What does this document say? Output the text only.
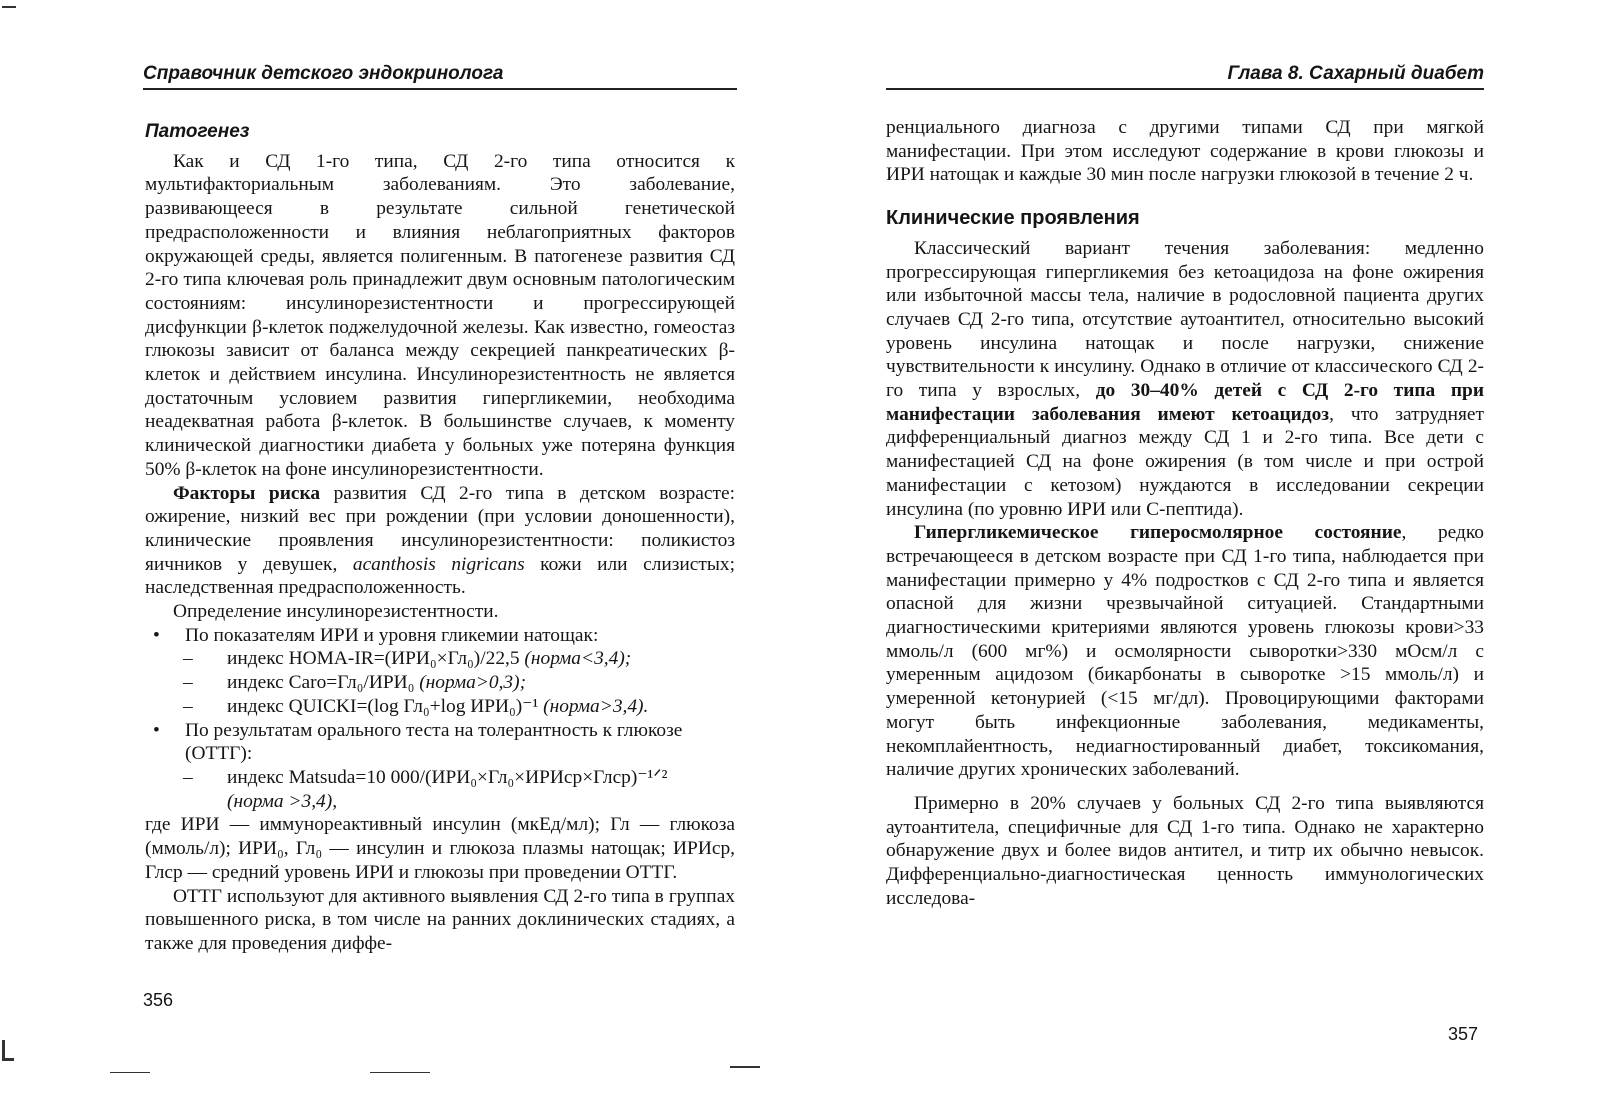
Справочник детского эндокринолога

Патогенез

Как и СД 1-го типа, СД 2-го типа относится к мультифакториальным заболеваниям. Это заболевание, развивающееся в результате сильной генетической предрасположенности и влияния неблагоприятных факторов окружающей среды, является полигенным. В патогенезе развития СД 2-го типа ключевая роль принадлежит двум основным патологическим состояниям: инсулинорезистентности и прогрессирующей дисфункции β-клеток поджелудочной железы. Как известно, гомеостаз глюкозы зависит от баланса между секрецией панкреатических β-клеток и действием инсулина. Инсулинорезистентность не является достаточным условием развития гипергликемии, необходима неадекватная работа β-клеток. В большинстве случаев, к моменту клинической диагностики диабета у больных уже потеряна функция 50% β-клеток на фоне инсулинорезистентности.

Факторы риска развития СД 2-го типа в детском возрасте: ожирение, низкий вес при рождении (при условии доношенности), клинические проявления инсулинорезистентности: поликистоз яичников у девушек, acanthosis nigricans кожи или слизистых; наследственная предрасположенность.

Определение инсулинорезистентности.

• По показателям ИРИ и уровня гликемии натощак:

– индекс HOMA-IR=(ИРИ₀×Гл₀)/22,5 (норма<3,4);

– индекс Caro=Гл₀/ИРИ₀ (норма>0,3);

– индекс QUICKI=(log Гл₀+log ИРИ₀)⁻¹ (норма>3,4).

• По результатам орального теста на толерантность к глюкозе (ОТТГ):

– индекс Matsuda=10 000/(ИРИ₀×Гл₀×ИРИср×Глср)⁻¹ᐟ²
(норма >3,4),

где ИРИ — иммунореактивный инсулин (мкЕд/мл); Гл — глюкоза (ммоль/л); ИРИ₀, Гл₀ — инсулин и глюкоза плазмы натощак; ИРИср, Глср — средний уровень ИРИ и глюкозы при проведении ОТТГ.

ОТТГ используют для активного выявления СД 2-го типа в группах повышенного риска, в том числе на ранних доклинических стадиях, а также для проведения диффе-

356
Глава 8. Сахарный диабет

ренциального диагноза с другими типами СД при мягкой манифестации. При этом исследуют содержание в крови глюкозы и ИРИ натощак и каждые 30 мин после нагрузки глюкозой в течение 2 ч.

Клинические проявления

Классический вариант течения заболевания: медленно прогрессирующая гипергликемия без кетоацидоза на фоне ожирения или избыточной массы тела, наличие в родословной пациента других случаев СД 2-го типа, отсутствие аутоантител, относительно высокий уровень инсулина натощак и после нагрузки, снижение чувствительности к инсулину. Однако в отличие от классического СД 2-го типа у взрослых, до 30–40% детей с СД 2-го типа при манифестации заболевания имеют кетоацидоз, что затрудняет дифференциальный диагноз между СД 1 и 2-го типа. Все дети с манифестацией СД на фоне ожирения (в том числе и при острой манифестации с кетозом) нуждаются в исследовании секреции инсулина (по уровню ИРИ или С-пептида).

Гипергликемическое гиперосмолярное состояние, редко встречающееся в детском возрасте при СД 1-го типа, наблюдается при манифестации примерно у 4% подростков с СД 2-го типа и является опасной для жизни чрезвычайной ситуацией. Стандартными диагностическими критериями являются уровень глюкозы крови>33 ммоль/л (600 мг%) и осмолярности сыворотки>330 мОсм/л с умеренным ацидозом (бикарбонаты в сыворотке >15 ммоль/л) и умеренной кетонурией (<15 мг/дл). Провоцирующими факторами могут быть инфекционные заболевания, медикаменты, некомплайентность, недиагностированный диабет, токсикомания, наличие других хронических заболеваний.

Примерно в 20% случаев у больных СД 2-го типа выявляются аутоантитела, специфичные для СД 1-го типа. Однако не характерно обнаружение двух и более видов антител, и титр их обычно невысок. Дифференциально-диагностическая ценность иммунологических исследова-

357
